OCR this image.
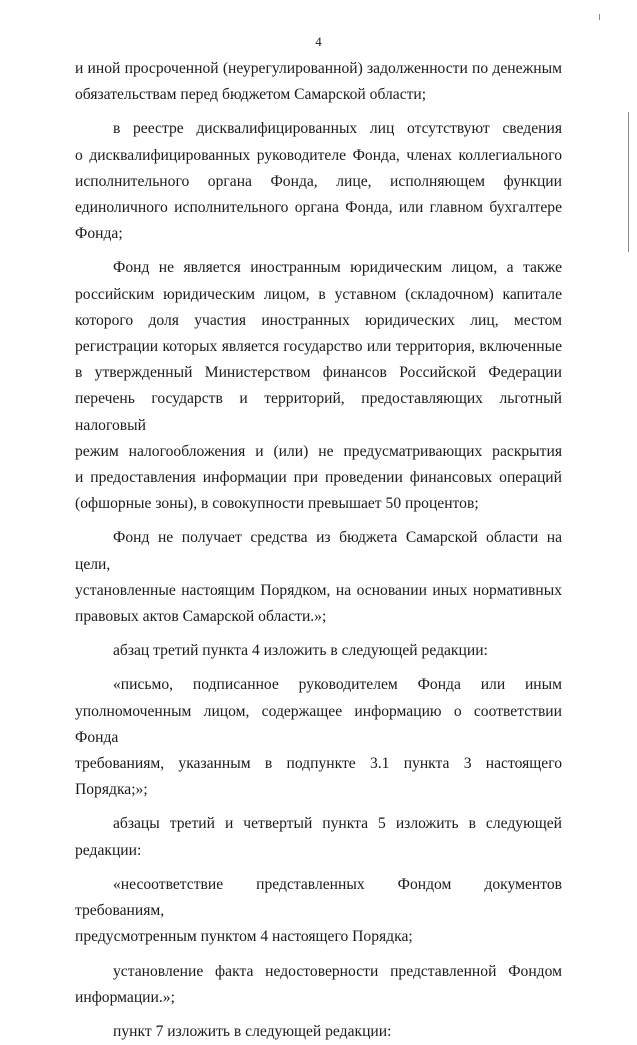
4

и иной просроченной (неурегулированной) задолженности по денежным

обязательствам перед бюджетом Самарской области;

в реестре дисквалифицированных лиц отсутствуют сведения

о дисквалифицированных руководителе Фонда, членах коллегиального

исполнительного органа Фонда, лице, исполняющем функции

единоличного исполнительного органа Фонда, или главном бухгалтере

Фонда;

Фонд не является иностранным юридическим лицом, а также

российским юридическим лицом, в уставном (складочном) капитале

которого доля участия иностранных юридических лиц, местом

регистрации которых является государство или территория, включенные

в утвержденный Министерством финансов Российской Федерации

перечень государств и территорий, предоставляющих льготный налоговый

режим налогообложения и (или) не предусматривающих раскрытия

и предоставления информации при проведении финансовых операций

(офшорные зоны), в совокупности превышает 50 процентов;

Фонд не получает средства из бюджета Самарской области на цели,

установленные настоящим Порядком, на основании иных нормативных

правовых актов Самарской области.»;

абзац третий пункта 4 изложить в следующей редакции:

«письмо, подписанное руководителем Фонда или иным

уполномоченным лицом, содержащее информацию о соответствии Фонда

требованиям, указанным в подпункте 3.1 пункта 3 настоящего Порядка;»;

абзацы третий и четвертый пункта 5 изложить в следующей

редакции:

«несоответствие представленных Фондом документов требованиям,

предусмотренным пунктом 4 настоящего Порядка;

установление факта недостоверности представленной Фондом

информации.»;

пункт 7 изложить в следующей редакции:
